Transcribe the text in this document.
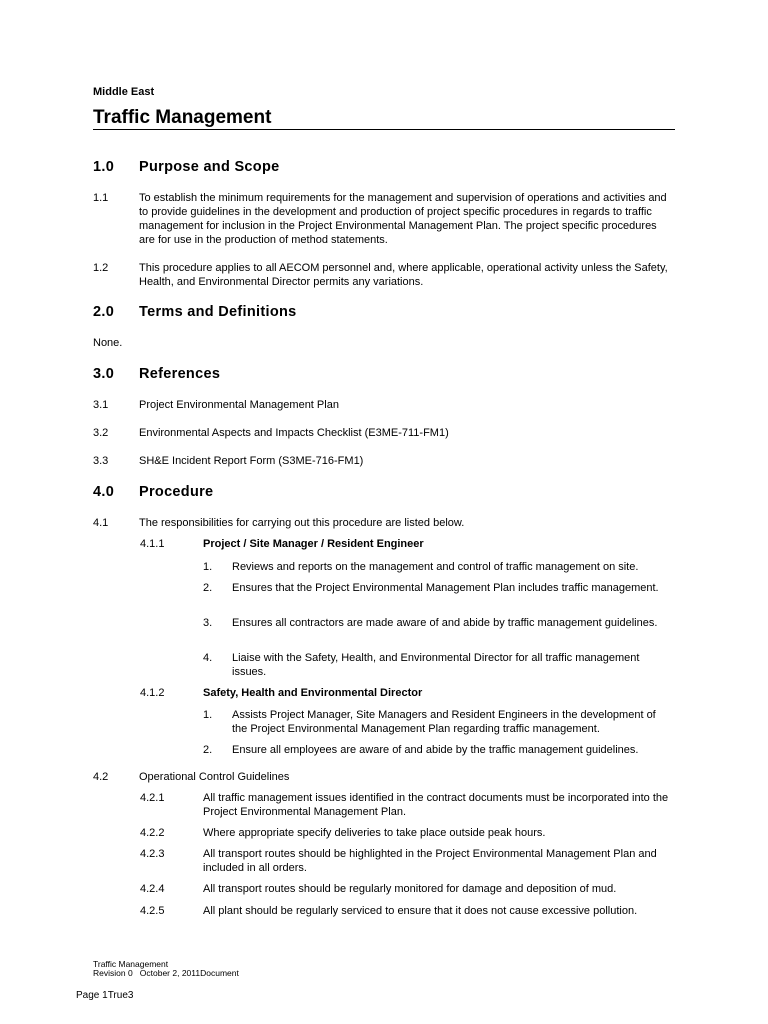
Middle East
Traffic Management
1.0 Purpose and Scope
1.1	To establish the minimum requirements for the management and supervision of operations and activities and to provide guidelines in the development and production of project specific procedures in regards to traffic management for inclusion in the Project Environmental Management Plan. The project specific procedures are for use in the production of method statements.
1.2	This procedure applies to all AECOM personnel and, where applicable, operational activity unless the Safety, Health, and Environmental Director permits any variations.
2.0 Terms and Definitions
None.
3.0 References
3.1	Project Environmental Management Plan
3.2	Environmental Aspects and Impacts Checklist (E3ME-711-FM1)
3.3	SH&E Incident Report Form (S3ME-716-FM1)
4.0 Procedure
4.1	The responsibilities for carrying out this procedure are listed below.
4.1.1	Project / Site Manager / Resident Engineer
1. Reviews and reports on the management and control of traffic management on site.
2. Ensures that the Project Environmental Management Plan includes traffic management.
3. Ensures all contractors are made aware of and abide by traffic management guidelines.
4. Liaise with the Safety, Health, and Environmental Director for all traffic management issues.
4.1.2	Safety, Health and Environmental Director
1. Assists Project Manager, Site Managers and Resident Engineers in the development of the Project Environmental Management Plan regarding traffic management.
2. Ensure all employees are aware of and abide by the traffic management guidelines.
4.2	Operational Control Guidelines
4.2.1	All traffic management issues identified in the contract documents must be incorporated into the Project Environmental Management Plan.
4.2.2	Where appropriate specify deliveries to take place outside peak hours.
4.2.3	All transport routes should be highlighted in the Project Environmental Management Plan and included in all orders.
4.2.4	All transport routes should be regularly monitored for damage and deposition of mud.
4.2.5	All plant should be regularly serviced to ensure that it does not cause excessive pollution.
Traffic Management
Revision 0   October 2, 2011Document
Page 1True3
